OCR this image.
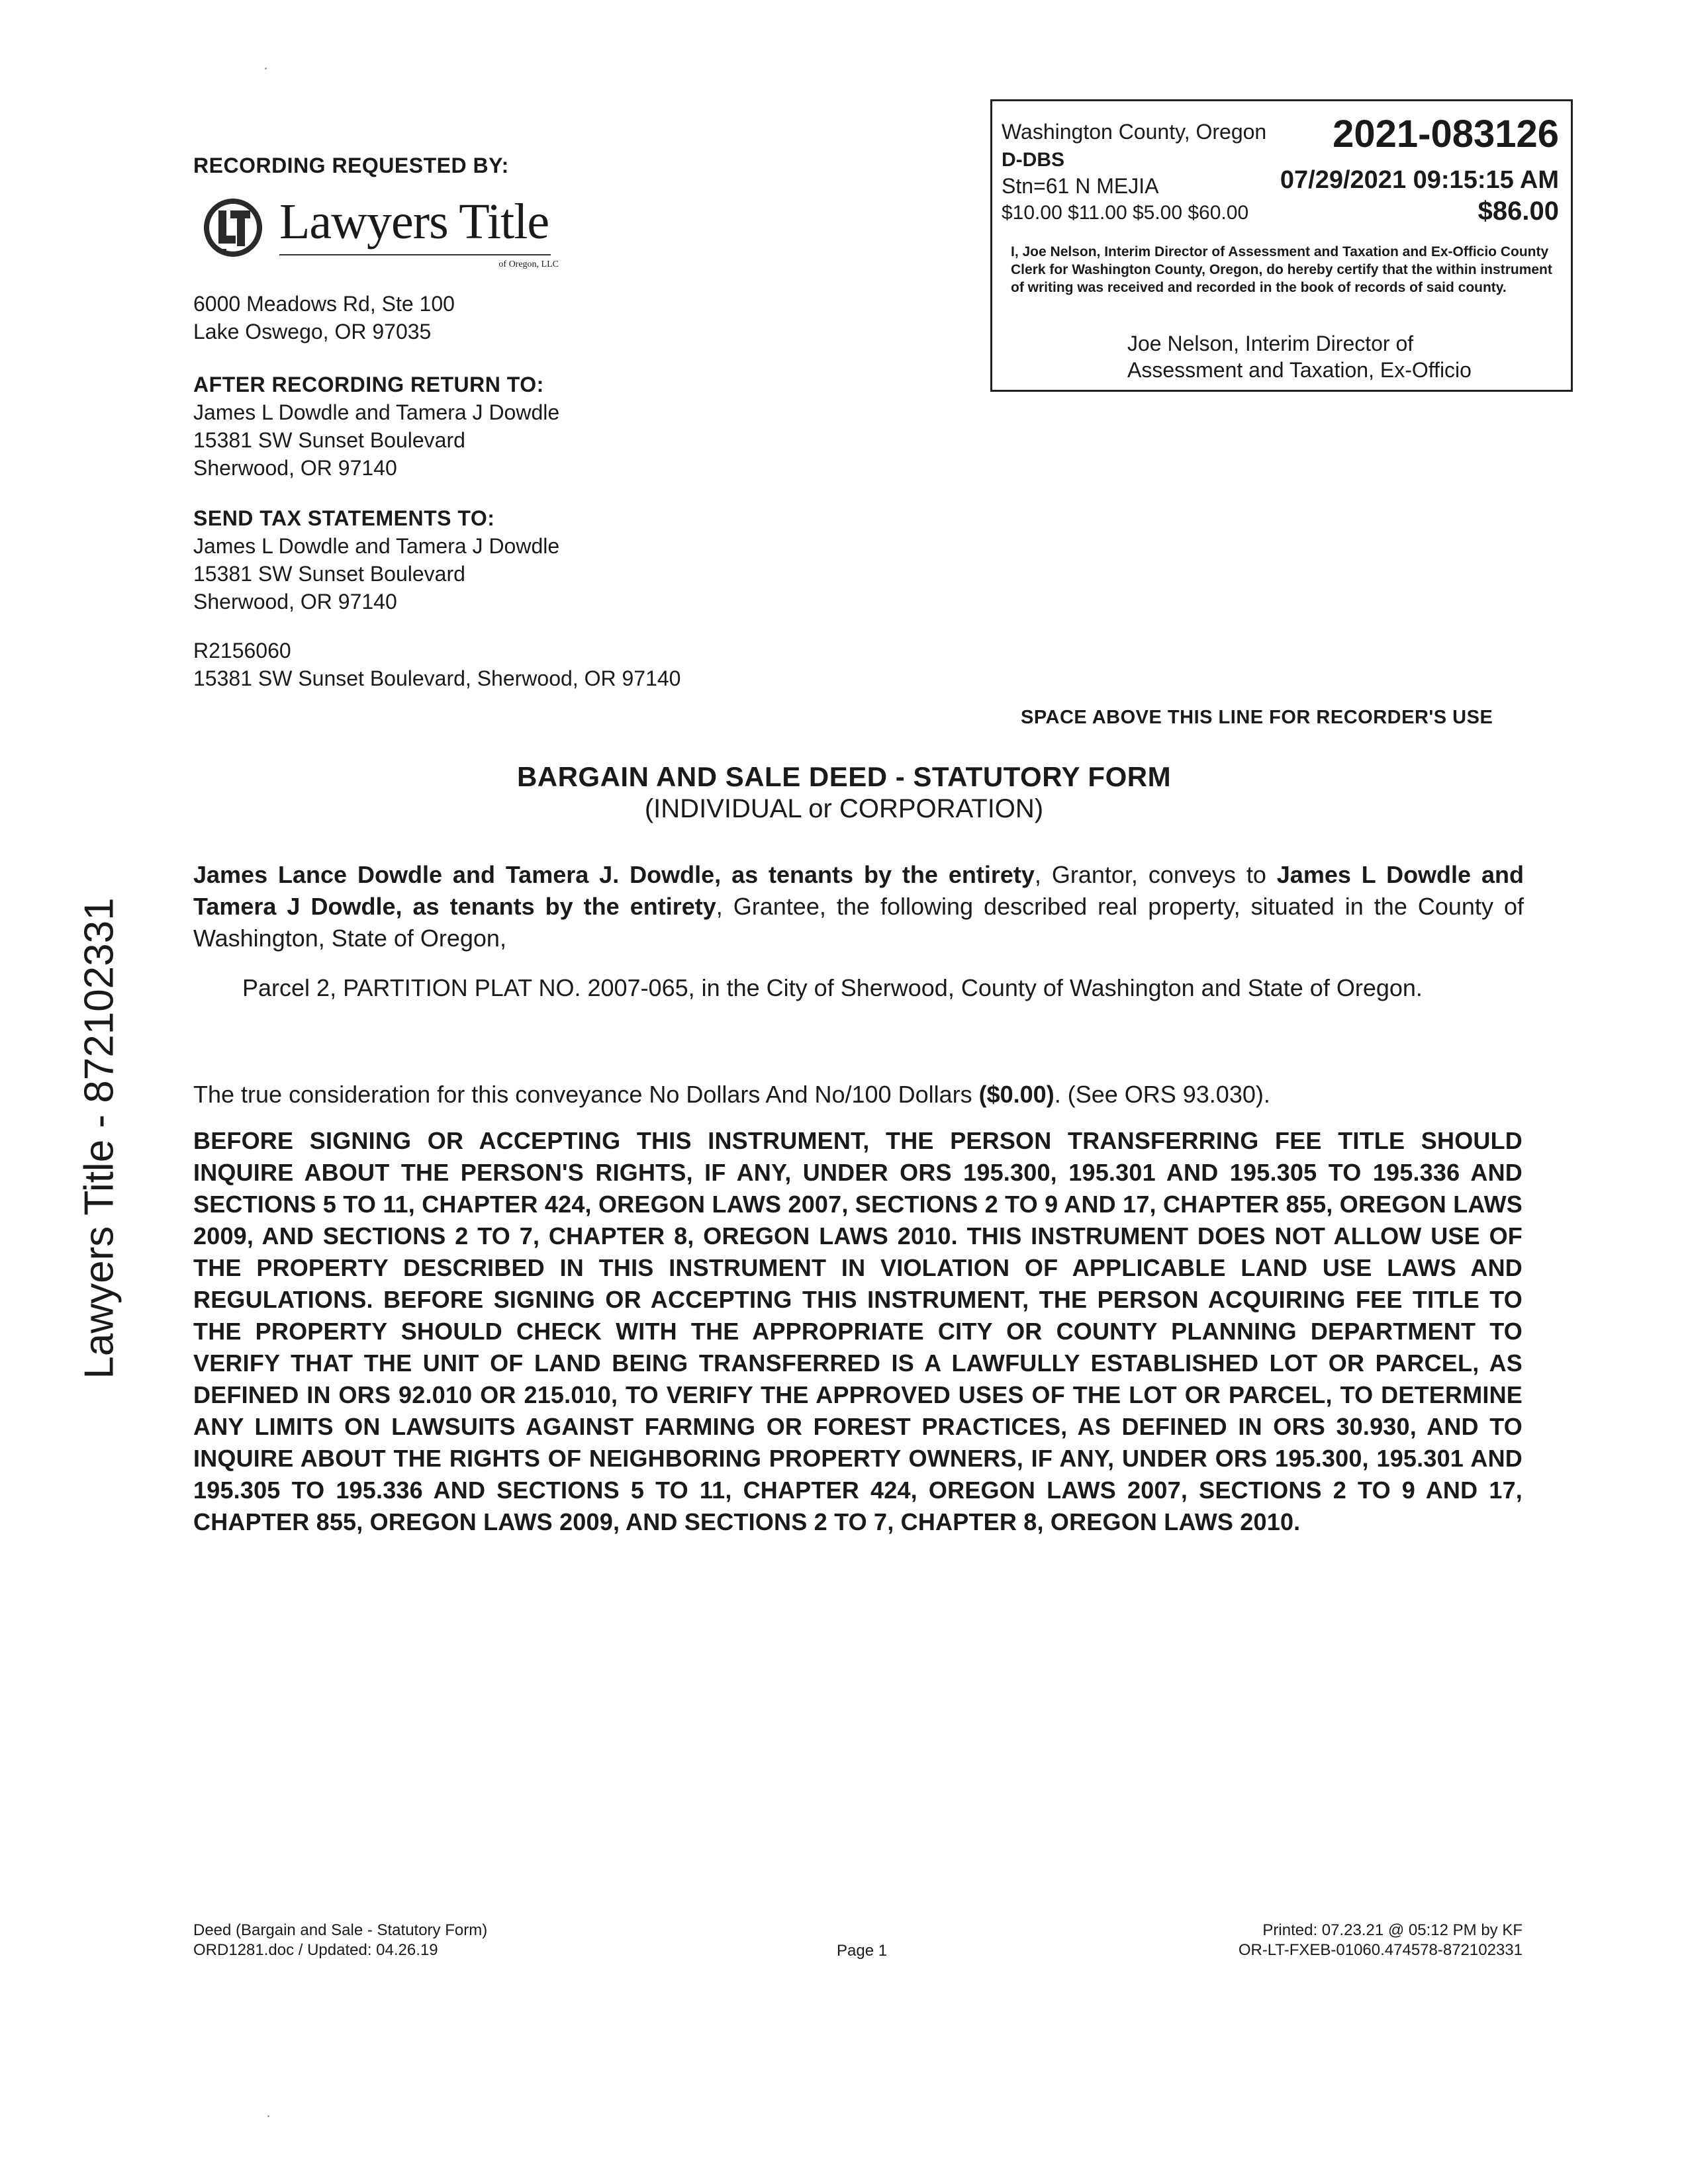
RECORDING REQUESTED BY:
Lawyers Title
of Oregon, LLC
6000 Meadows Rd, Ste 100
Lake Oswego, OR 97035
AFTER RECORDING RETURN TO:
James L Dowdle and Tamera J Dowdle
15381 SW Sunset Boulevard
Sherwood, OR 97140
SEND TAX STATEMENTS TO:
James L Dowdle and Tamera J Dowdle
15381 SW Sunset Boulevard
Sherwood, OR 97140
R2156060
15381 SW Sunset Boulevard, Sherwood, OR 97140
Washington County, Oregon 2021-083126
D-DBS
Stn=61 N MEJIA	07/29/2021 09:15:15 AM
$10.00 $11.00 $5.00 $60.00	$86.00
I, Joe Nelson, Interim Director of Assessment and Taxation and Ex-Officio County Clerk for Washington County, Oregon, do hereby certify that the within instrument of writing was received and recorded in the book of records of said county.
Joe Nelson, Interim Director of
Assessment and Taxation, Ex-Officio
SPACE ABOVE THIS LINE FOR RECORDER'S USE
BARGAIN AND SALE DEED - STATUTORY FORM
(INDIVIDUAL or CORPORATION)
James Lance Dowdle and Tamera J. Dowdle, as tenants by the entirety, Grantor, conveys to James L Dowdle and Tamera J Dowdle, as tenants by the entirety, Grantee, the following described real property, situated in the County of Washington, State of Oregon,
Parcel 2, PARTITION PLAT NO. 2007-065, in the City of Sherwood, County of Washington and State of Oregon.
The true consideration for this conveyance No Dollars And No/100 Dollars ($0.00). (See ORS 93.030).
BEFORE SIGNING OR ACCEPTING THIS INSTRUMENT, THE PERSON TRANSFERRING FEE TITLE SHOULD INQUIRE ABOUT THE PERSON'S RIGHTS, IF ANY, UNDER ORS 195.300, 195.301 AND 195.305 TO 195.336 AND SECTIONS 5 TO 11, CHAPTER 424, OREGON LAWS 2007, SECTIONS 2 TO 9 AND 17, CHAPTER 855, OREGON LAWS 2009, AND SECTIONS 2 TO 7, CHAPTER 8, OREGON LAWS 2010. THIS INSTRUMENT DOES NOT ALLOW USE OF THE PROPERTY DESCRIBED IN THIS INSTRUMENT IN VIOLATION OF APPLICABLE LAND USE LAWS AND REGULATIONS. BEFORE SIGNING OR ACCEPTING THIS INSTRUMENT, THE PERSON ACQUIRING FEE TITLE TO THE PROPERTY SHOULD CHECK WITH THE APPROPRIATE CITY OR COUNTY PLANNING DEPARTMENT TO VERIFY THAT THE UNIT OF LAND BEING TRANSFERRED IS A LAWFULLY ESTABLISHED LOT OR PARCEL, AS DEFINED IN ORS 92.010 OR 215.010, TO VERIFY THE APPROVED USES OF THE LOT OR PARCEL, TO DETERMINE ANY LIMITS ON LAWSUITS AGAINST FARMING OR FOREST PRACTICES, AS DEFINED IN ORS 30.930, AND TO INQUIRE ABOUT THE RIGHTS OF NEIGHBORING PROPERTY OWNERS, IF ANY, UNDER ORS 195.300, 195.301 AND 195.305 TO 195.336 AND SECTIONS 5 TO 11, CHAPTER 424, OREGON LAWS 2007, SECTIONS 2 TO 9 AND 17, CHAPTER 855, OREGON LAWS 2009, AND SECTIONS 2 TO 7, CHAPTER 8, OREGON LAWS 2010.
Lawyers Title - 872102331
Deed (Bargain and Sale - Statutory Form)
ORD1281.doc / Updated: 04.26.19	Page 1
Printed: 07.23.21 @ 05:12 PM by KF
OR-LT-FXEB-01060.474578-872102331
